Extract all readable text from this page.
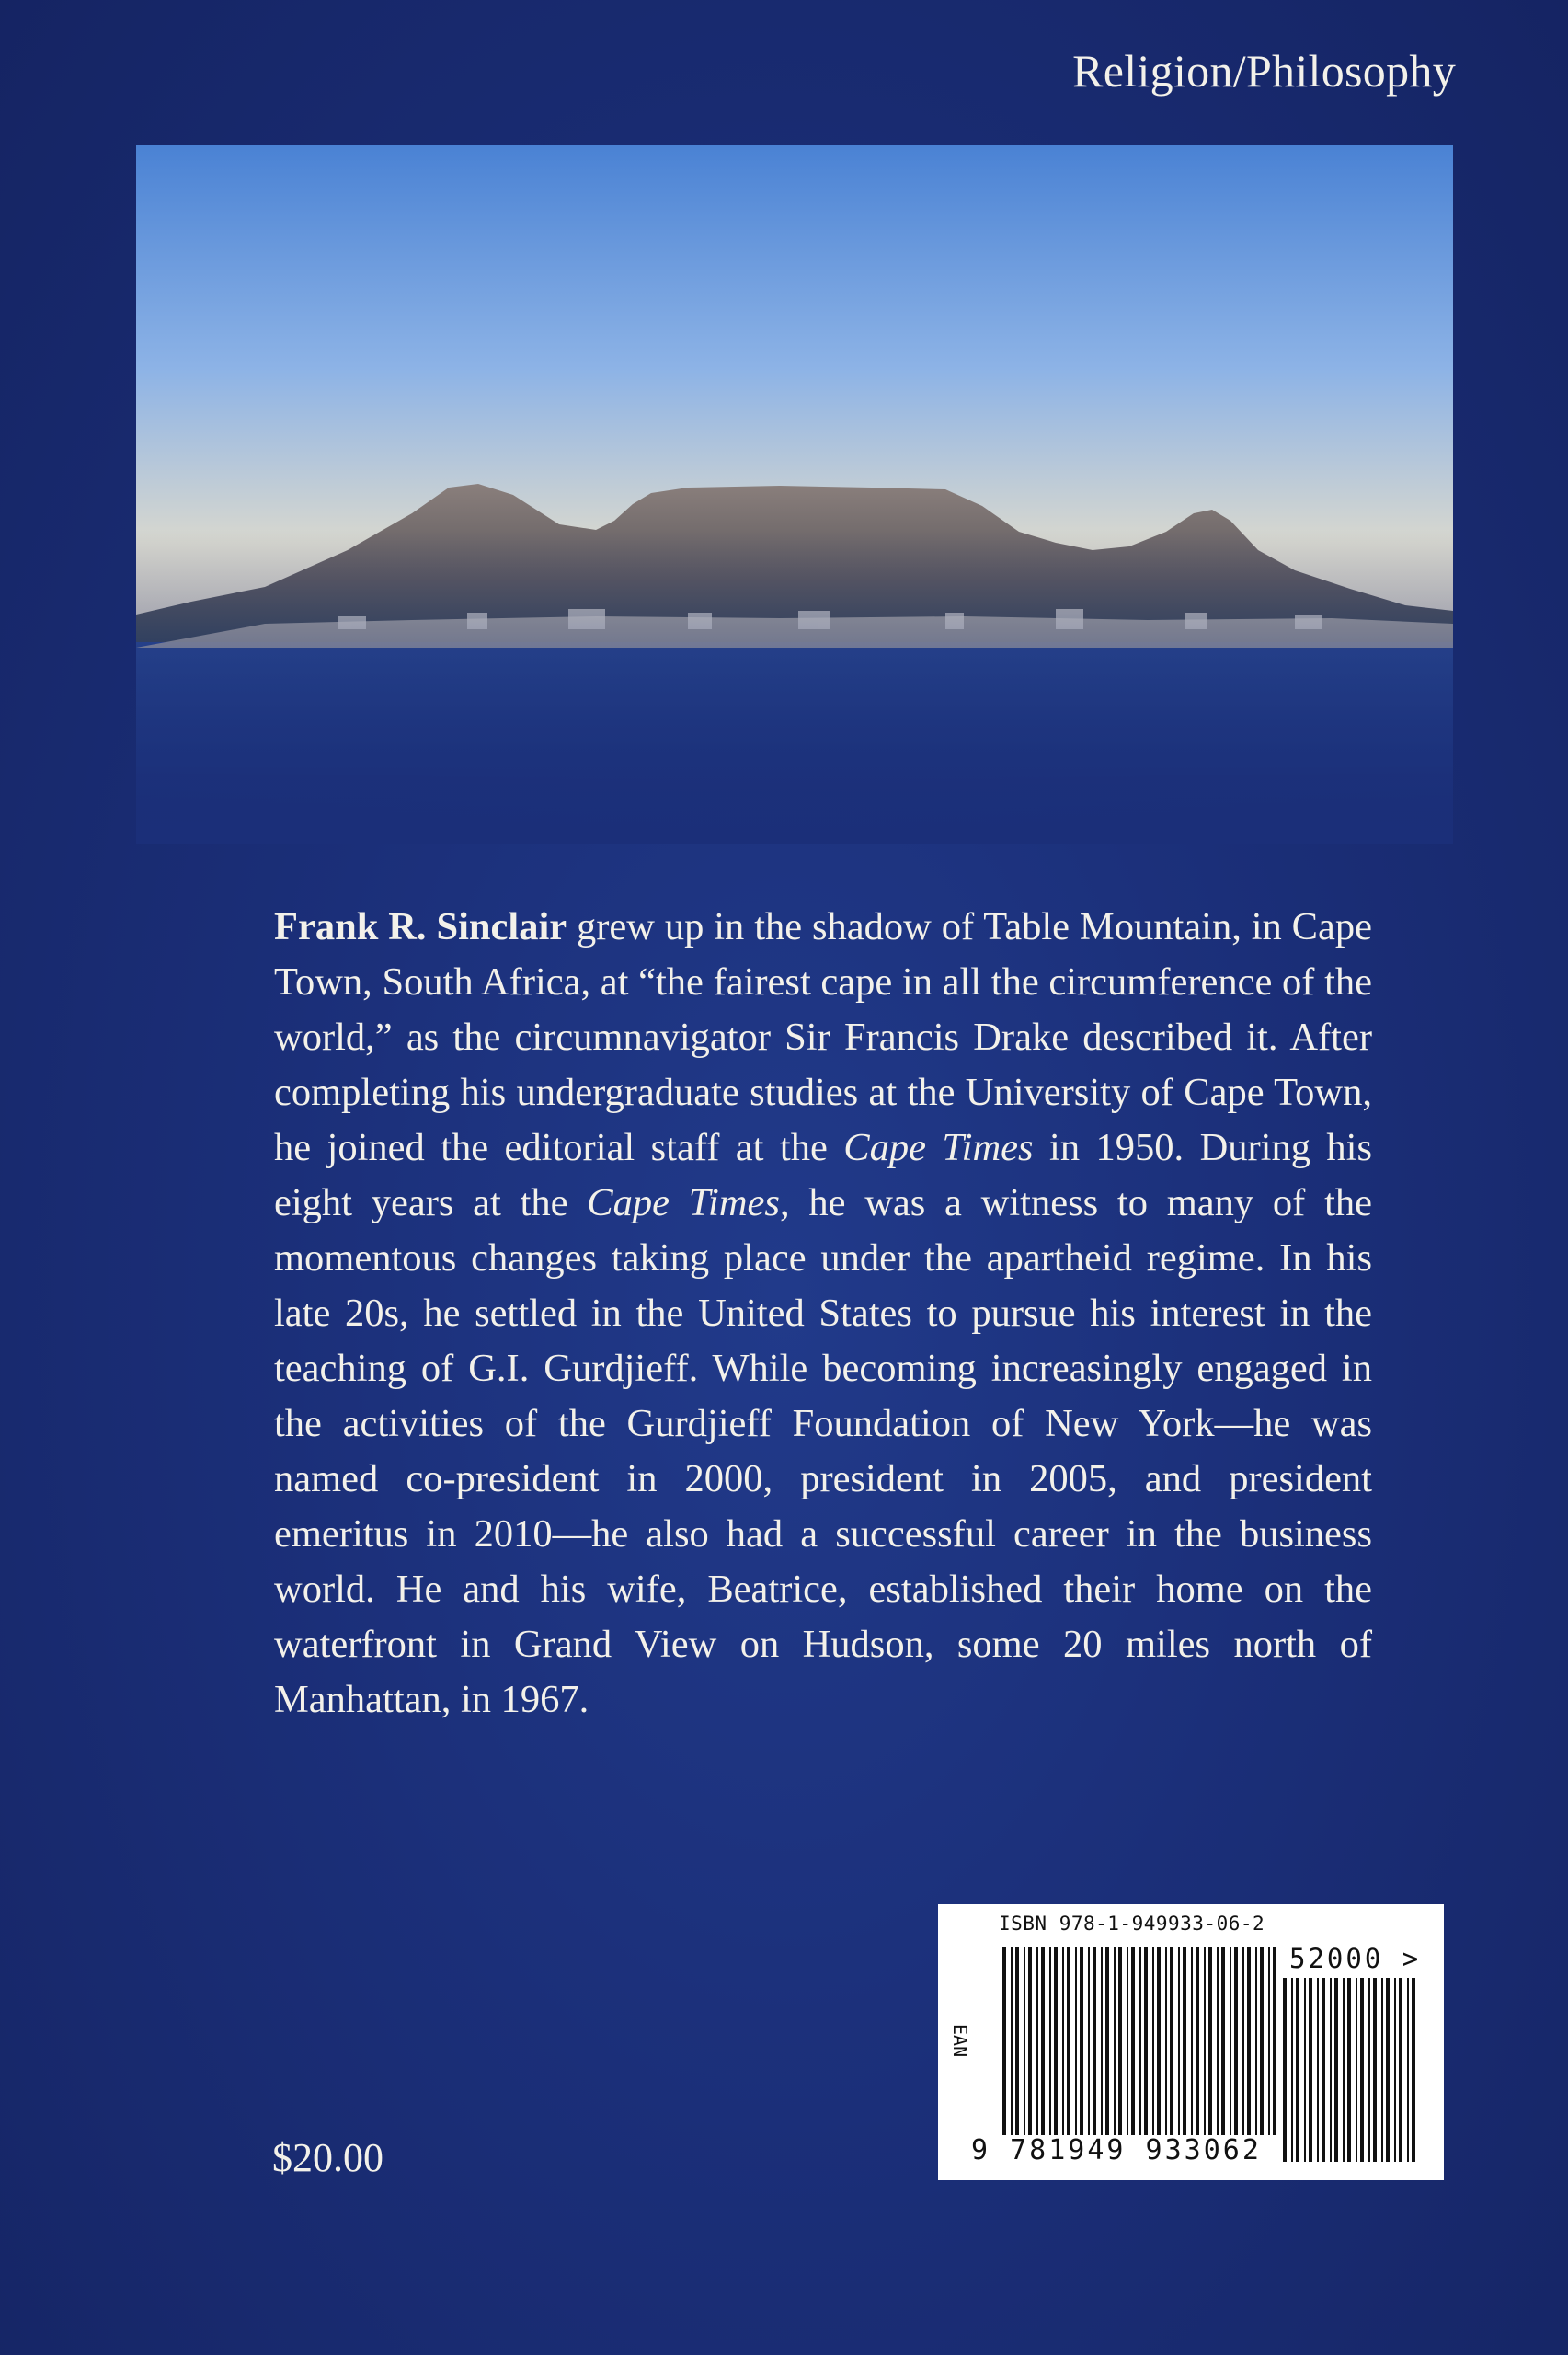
Religion/Philosophy
Frank R. Sinclair grew up in the shadow of Table Mountain, in Cape Town, South Africa, at “the fairest cape in all the circumference of the world,” as the circumnavigator Sir Francis Drake described it. After completing his undergraduate studies at the University of Cape Town, he joined the editorial staff at the Cape Times in 1950. During his eight years at the Cape Times, he was a witness to many of the momentous changes taking place under the apartheid regime. In his late 20s, he settled in the United States to pursue his interest in the teaching of G.I. Gurdjieff. While becoming increasingly engaged in the activities of the Gurdjieff Foundation of New York—he was named co-president in 2000, president in 2005, and president emeritus in 2010—he also had a successful career in the business world. He and his wife, Beatrice, established their home on the waterfront in Grand View on Hudson, some 20 miles north of Manhattan, in 1967.
ISBN 978-1-949933-06-2
EAN
52000 >
9 781949 933062
$20.00
